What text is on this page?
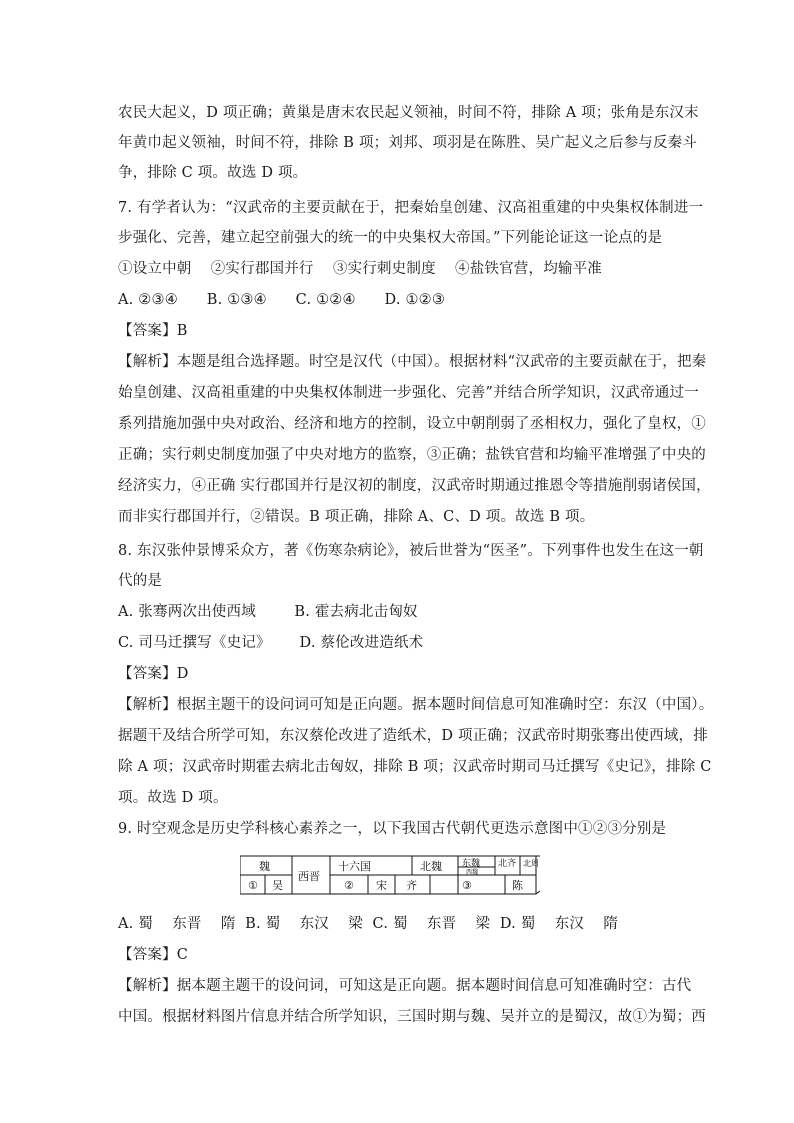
农民大起义，D 项正确；黄巢是唐末农民起义领袖，时间不符，排除 A 项；张角是东汉末
年黄巾起义领袖，时间不符，排除 B 项；刘邦、项羽是在陈胜、吴广起义之后参与反秦斗
争，排除 C 项。故选 D 项。
7. 有学者认为：“汉武帝的主要贡献在于，把秦始皇创建、汉高祖重建的中央集权体制进一
步强化、完善，建立起空前强大的统一的中央集权大帝国。”下列能论证这一论点的是
①设立中朝    ②实行郡国并行    ③实行刺史制度    ④盐铁官营，均输平准
A. ②③④      B. ①③④      C. ①②④      D. ①②③
【答案】B
【解析】本题是组合选择题。时空是汉代（中国）。根据材料“汉武帝的主要贡献在于，把秦
始皇创建、汉高祖重建的中央集权体制进一步强化、完善”并结合所学知识，汉武帝通过一
系列措施加强中央对政治、经济和地方的控制，设立中朝削弱了丞相权力，强化了皇权，①
正确；实行刺史制度加强了中央对地方的监察，③正确；盐铁官营和均输平准增强了中央的
经济实力，④正确 实行郡国并行是汉初的制度，汉武帝时期通过推恩令等措施削弱诸侯国，
而非实行郡国并行，②错误。B 项正确，排除 A、C、D 项。故选 B 项。
8. 东汉张仲景博采众方，著《伤寒杂病论》，被后世誉为“医圣”。下列事件也发生在这一朝
代的是
A. 张骞两次出使西域        B. 霍去病北击匈奴
C. 司马迁撰写《史记》      D. 蔡伦改进造纸术
【答案】D
【解析】根据主题干的设问词可知是正向题。据本题时间信息可知准确时空：东汉（中国）。
据题干及结合所学可知，东汉蔡伦改进了造纸术，D 项正确；汉武帝时期张骞出使西域，排
除 A 项；汉武帝时期霍去病北击匈奴，排除 B 项；汉武帝时期司马迁撰写《史记》，排除 C
项。故选 D 项。
9. 时空观念是历史学科核心素养之一，以下我国古代朝代更迭示意图中①②③分别是
魏
① 吴
西晋
十六国	北魏
② 宋 齐	③
东魏
西魏
北齐 北周
陈
A. 蜀    东晋    隋  B. 蜀    东汉    梁  C. 蜀    东晋    梁  D. 蜀    东汉    隋
【答案】C
【解析】据本题主题干的设问词，可知这是正向题。据本题时间信息可知准确时空：古代
中国。根据材料图片信息并结合所学知识，三国时期与魏、吴并立的是蜀汉，故①为蜀；西
